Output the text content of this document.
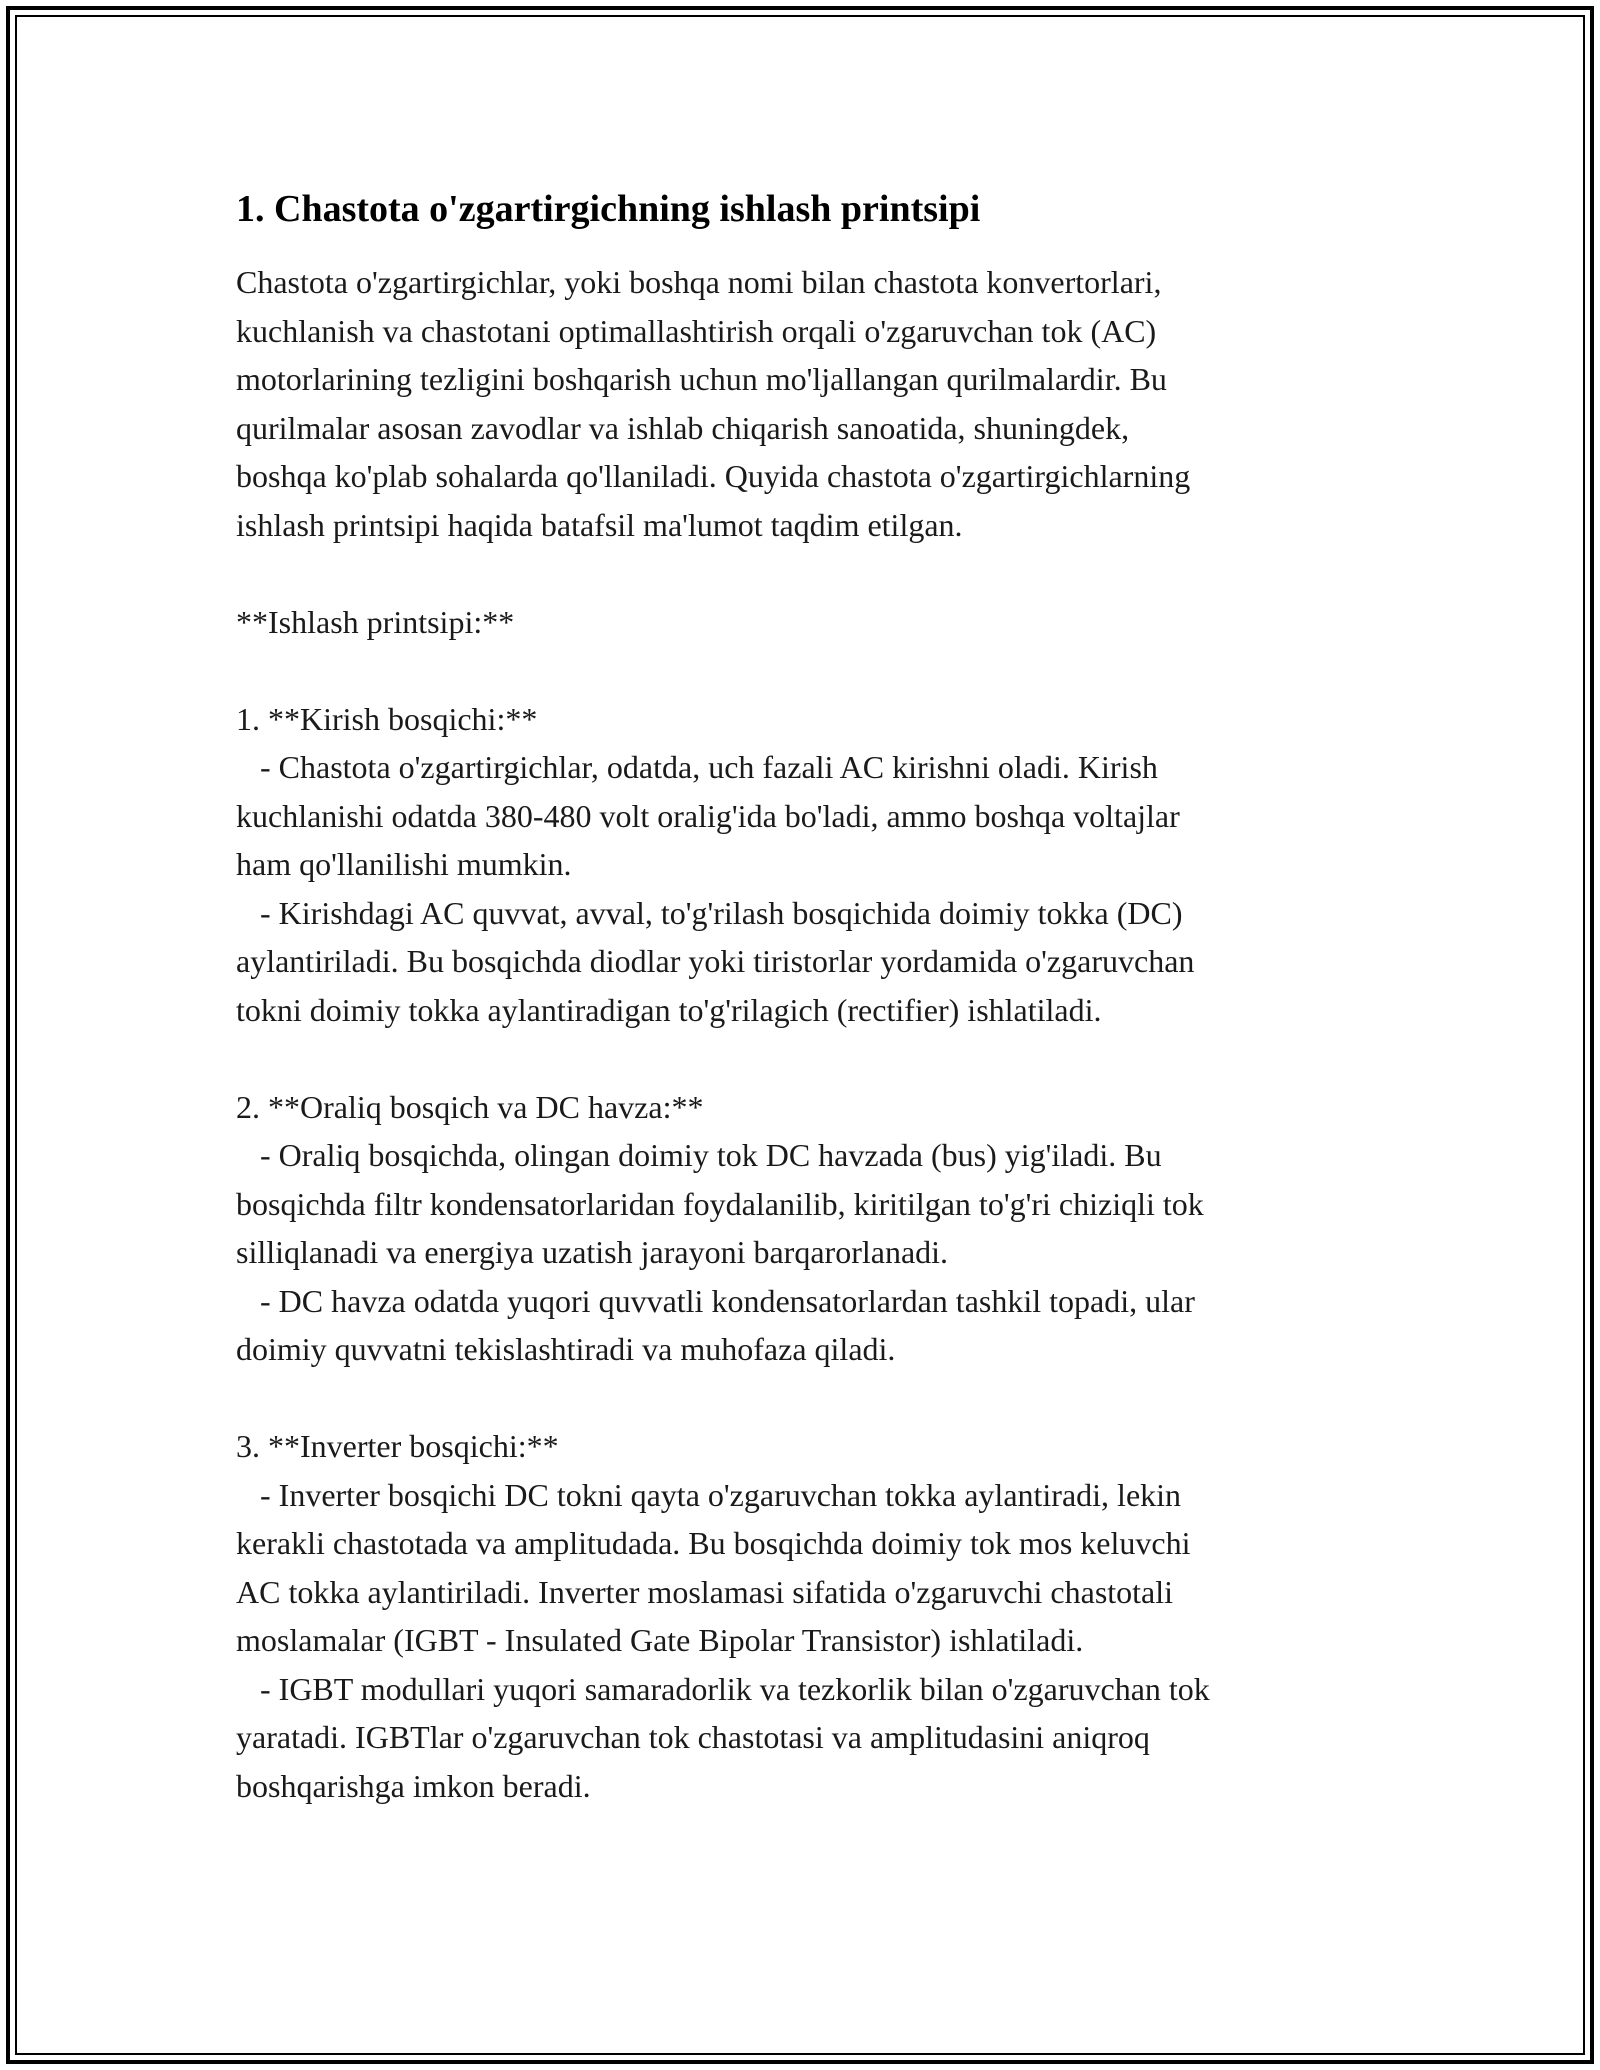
1. Chastota o'zgartirgichning ishlash printsipi
Chastota o'zgartirgichlar, yoki boshqa nomi bilan chastota konvertorlari,
kuchlanish va chastotani optimallashtirish orqali o'zgaruvchan tok (AC)
motorlarining tezligini boshqarish uchun mo'ljallangan qurilmalardir. Bu
qurilmalar asosan zavodlar va ishlab chiqarish sanoatida, shuningdek,
boshqa ko'plab sohalarda qo'llaniladi. Quyida chastota o'zgartirgichlarning
ishlash printsipi haqida batafsil ma'lumot taqdim etilgan.
**Ishlash printsipi:**
1. **Kirish bosqichi:**
- Chastota o'zgartirgichlar, odatda, uch fazali AC kirishni oladi. Kirish
kuchlanishi odatda 380-480 volt oralig'ida bo'ladi, ammo boshqa voltajlar
ham qo'llanilishi mumkin.
- Kirishdagi AC quvvat, avval, to'g'rilash bosqichida doimiy tokka (DC)
aylantiriladi. Bu bosqichda diodlar yoki tiristorlar yordamida o'zgaruvchan
tokni doimiy tokka aylantiradigan to'g'rilagich (rectifier) ishlatiladi.
2. **Oraliq bosqich va DC havza:**
- Oraliq bosqichda, olingan doimiy tok DC havzada (bus) yig'iladi. Bu
bosqichda filtr kondensatorlaridan foydalanilib, kiritilgan to'g'ri chiziqli tok
silliqlanadi va energiya uzatish jarayoni barqarorlanadi.
- DC havza odatda yuqori quvvatli kondensatorlardan tashkil topadi, ular
doimiy quvvatni tekislashtiradi va muhofaza qiladi.
3. **Inverter bosqichi:**
- Inverter bosqichi DC tokni qayta o'zgaruvchan tokka aylantiradi, lekin
kerakli chastotada va amplitudada. Bu bosqichda doimiy tok mos keluvchi
AC tokka aylantiriladi. Inverter moslamasi sifatida o'zgaruvchi chastotali
moslamalar (IGBT - Insulated Gate Bipolar Transistor) ishlatiladi.
- IGBT modullari yuqori samaradorlik va tezkorlik bilan o'zgaruvchan tok
yaratadi. IGBTlar o'zgaruvchan tok chastotasi va amplitudasini aniqroq
boshqarishga imkon beradi.
